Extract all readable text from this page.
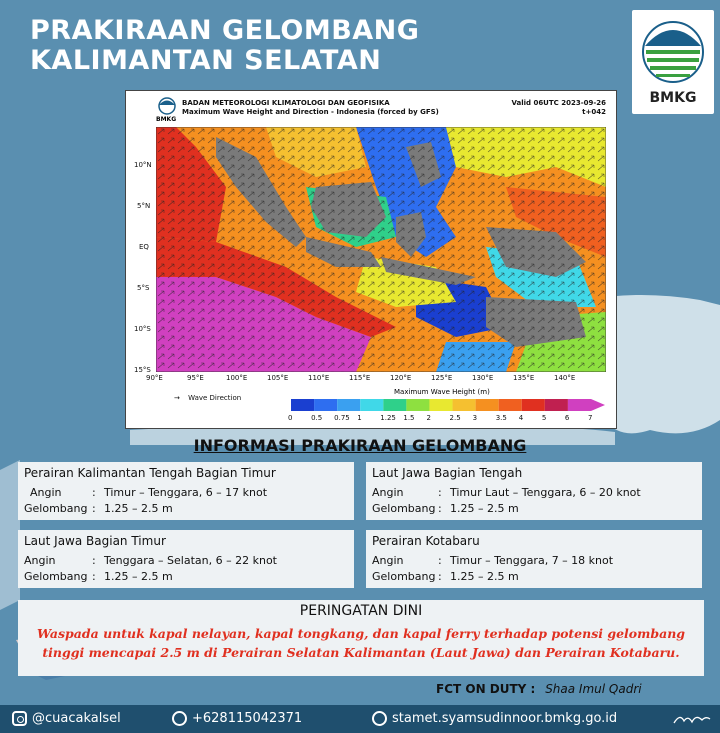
PRAKIRAAN GELOMBANG
KALIMANTAN SELATAN
BMKG
BMKG
BADAN METEOROLOGI KLIMATOLOGI DAN GEOFISIKA
Maximum Wave Height and Direction - Indonesia (forced by GFS)
Valid 06UTC 2023-09-26
t+042
10°N
5°N
EQ
5°S
10°S
15°S
90°E	95°E	100°E	105°E	110°E	115°E	120°E	125°E	130°E	135°E	140°E
→ Wave Direction
Maximum Wave Height (m)
0	0.5 0.75 1	1.25 1.5 2	2.5 3	3.5 4	5	6	7
INFORMASI PRAKIRAAN GELOMBANG
Perairan Kalimantan Tengah Bagian Timur
Angin	: Timur – Tenggara, 6 – 17 knot
Gelombang : 1.25 – 2.5 m
Laut Jawa Bagian Tengah
Angin	: Timur Laut – Tenggara, 6 – 20 knot
Gelombang : 1.25 – 2.5 m
Laut Jawa Bagian Timur
Angin	: Tenggara – Selatan, 6 – 22 knot
Gelombang : 1.25 – 2.5 m
Perairan Kotabaru
Angin	: Timur – Tenggara, 7 – 18 knot
Gelombang : 1.25 – 2.5 m
PERINGATAN DINI
Waspada untuk kapal nelayan, kapal tongkang, dan kapal ferry terhadap potensi gelombang
tinggi mencapai 2.5 m di Perairan Selatan Kalimantan (Laut Jawa) dan Perairan Kotabaru.
FCT ON DUTY : Shaa Imul Qadri
@cuacakalsel	+628115042371	stamet.syamsudinnoor.bmkg.go.id
